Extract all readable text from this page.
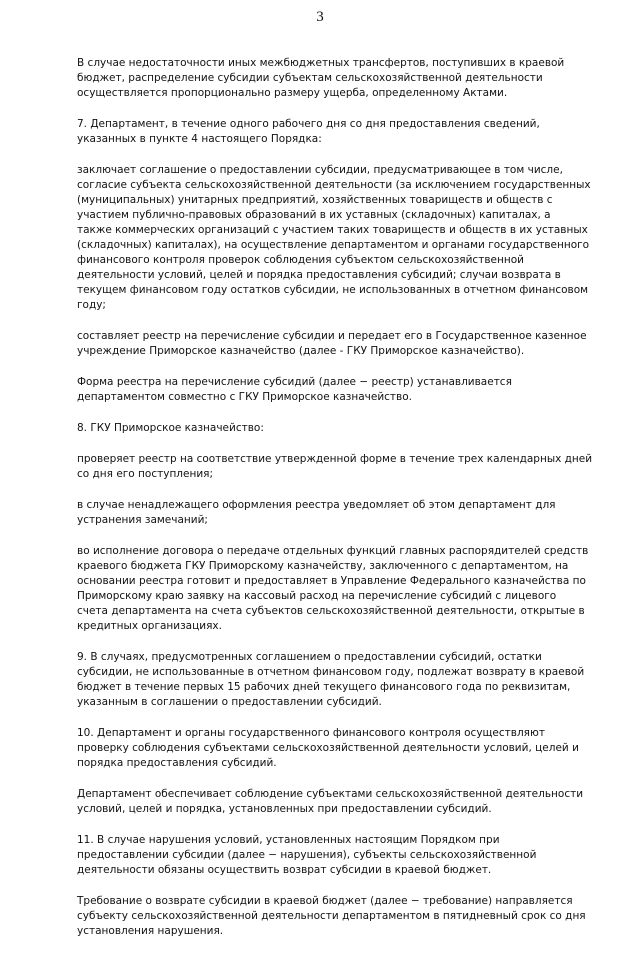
3
В случае недостаточности иных межбюджетных трансфертов, поступивших в краевой
бюджет, распределение субсидии субъектам сельскохозяйственной деятельности
осуществляется пропорционально размеру ущерба, определенному Актами.
7. Департамент, в течение одного рабочего дня со дня предоставления сведений,
указанных в пункте 4 настоящего Порядка:
заключает соглашение о предоставлении субсидии, предусматривающее в том числе,
согласие субъекта сельскохозяйственной деятельности (за исключением государственных
(муниципальных) унитарных предприятий, хозяйственных товариществ и обществ с
участием публично-правовых образований в их уставных (складочных) капиталах, а
также коммерческих организаций с участием таких товариществ и обществ в их уставных
(складочных) капиталах), на осуществление департаментом и органами государственного
финансового контроля проверок соблюдения субъектом сельскохозяйственной
деятельности условий, целей и порядка предоставления субсидий; случаи возврата в
текущем финансовом году остатков субсидии, не использованных в отчетном финансовом
году;
составляет реестр на перечисление субсидии и передает его в Государственное казенное
учреждение Приморское казначейство (далее - ГКУ Приморское казначейство).
Форма реестра на перечисление субсидий (далее − реестр) устанавливается
департаментом совместно с ГКУ Приморское казначейство.
8. ГКУ Приморское казначейство:
проверяет реестр на соответствие утвержденной форме в течение трех календарных дней
со дня его поступления;
в случае ненадлежащего оформления реестра уведомляет об этом департамент для
устранения замечаний;
во исполнение договора о передаче отдельных функций главных распорядителей средств
краевого бюджета ГКУ Приморскому казначейству, заключенного с департаментом, на
основании реестра готовит и предоставляет в Управление Федерального казначейства по
Приморскому краю заявку на кассовый расход на перечисление субсидий с лицевого
счета департамента на счета субъектов сельскохозяйственной деятельности, открытые в
кредитных организациях.
9. В случаях, предусмотренных соглашением о предоставлении субсидий, остатки
субсидии, не использованные в отчетном финансовом году, подлежат возврату в краевой
бюджет в течение первых 15 рабочих дней текущего финансового года по реквизитам,
указанным в соглашении о предоставлении субсидий.
10. Департамент и органы государственного финансового контроля осуществляют
проверку соблюдения субъектами сельскохозяйственной деятельности условий, целей и
порядка предоставления субсидий.
Департамент обеспечивает соблюдение субъектами сельскохозяйственной деятельности
условий, целей и порядка, установленных при предоставлении субсидий.
11. В случае нарушения условий, установленных настоящим Порядком при
предоставлении субсидии (далее − нарушения), субъекты сельскохозяйственной
деятельности обязаны осуществить возврат субсидии в краевой бюджет.
Требование о возврате субсидии в краевой бюджет (далее − требование) направляется
субъекту сельскохозяйственной деятельности департаментом в пятидневный срок со дня
установления нарушения.
